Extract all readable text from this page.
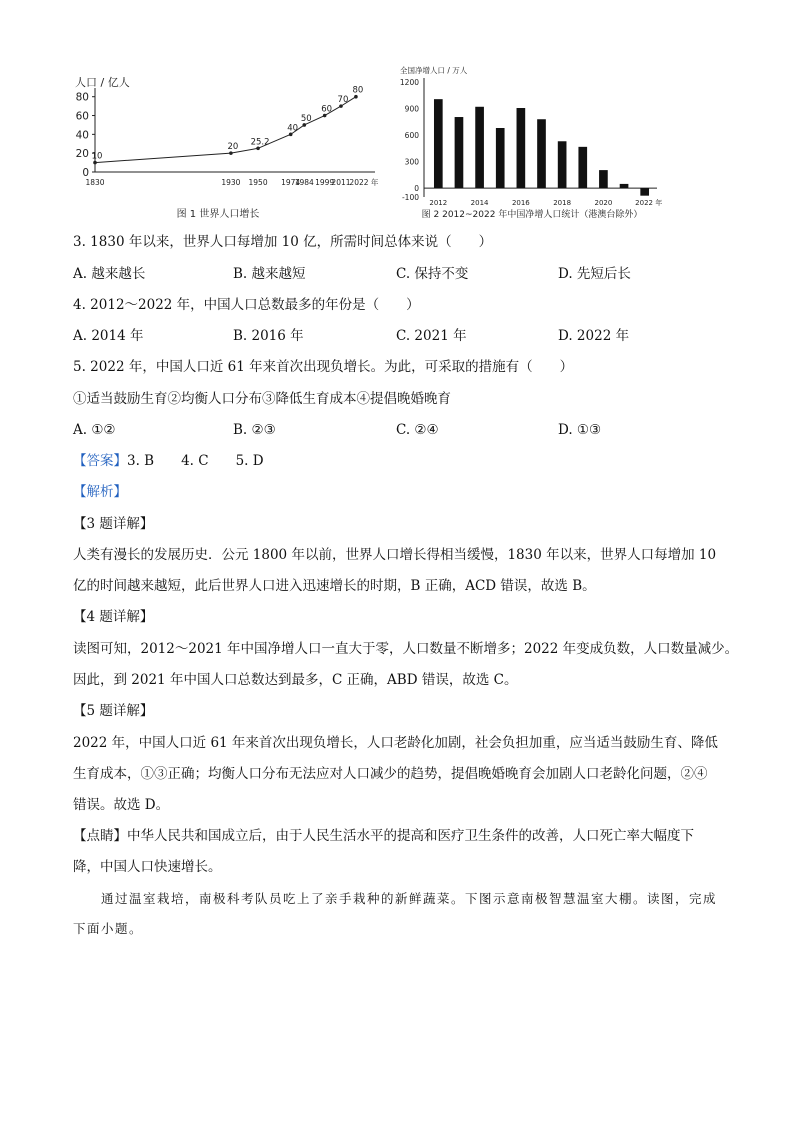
人口 / 亿人
0
20
40
60
80
1830	1930 1950 1974
1984 1999
2011
2022 年
10
20 25.2
40
50
60
70
80
图 1 世界人口增长
全国净增人口 / 万人
-100
0
300
600
900
1200
2012	2014	2016	2018	2020	2022 年
图 2 2012~2022 年中国净增人口统计（港澳台除外）
3. 1830 年以来，世界人口每增加 10 亿，所需时间总体来说（　　）
A. 越来越长	B. 越来越短	C. 保持不变	D. 先短后长
4. 2012～2022 年，中国人口总数最多的年份是（　　）
A. 2014 年	B. 2016 年	C. 2021 年	D. 2022 年
5. 2022 年，中国人口近 61 年来首次出现负增长。为此，可采取的措施有（　　）
①适当鼓励生育②均衡人口分布③降低生育成本④提倡晚婚晚育
A. ①②	B. ②③	C. ②④	D. ①③
【答案】3. B　　4. C　　5. D
【解析】
【3 题详解】
人类有漫长的发展历史．公元 1800 年以前，世界人口增长得相当缓慢，1830 年以来，世界人口每增加 10
亿的时间越来越短，此后世界人口进入迅速增长的时期，B 正确，ACD 错误，故选 B。
【4 题详解】
读图可知，2012～2021 年中国净增人口一直大于零，人口数量不断增多；2022 年变成负数，人口数量减少。
因此，到 2021 年中国人口总数达到最多，C 正确，ABD 错误，故选 C。
【5 题详解】
2022 年，中国人口近 61 年来首次出现负增长，人口老龄化加剧，社会负担加重，应当适当鼓励生育、降低
生育成本，①③正确；均衡人口分布无法应对人口减少的趋势，提倡晚婚晚育会加剧人口老龄化问题，②④
错误。故选 D。
【点睛】中华人民共和国成立后，由于人民生活水平的提高和医疗卫生条件的改善，人口死亡率大幅度下
降，中国人口快速增长。
通过温室栽培，南极科考队员吃上了亲手栽种的新鲜蔬菜。下图示意南极智慧温室大棚。读图，完成
下面小题。
